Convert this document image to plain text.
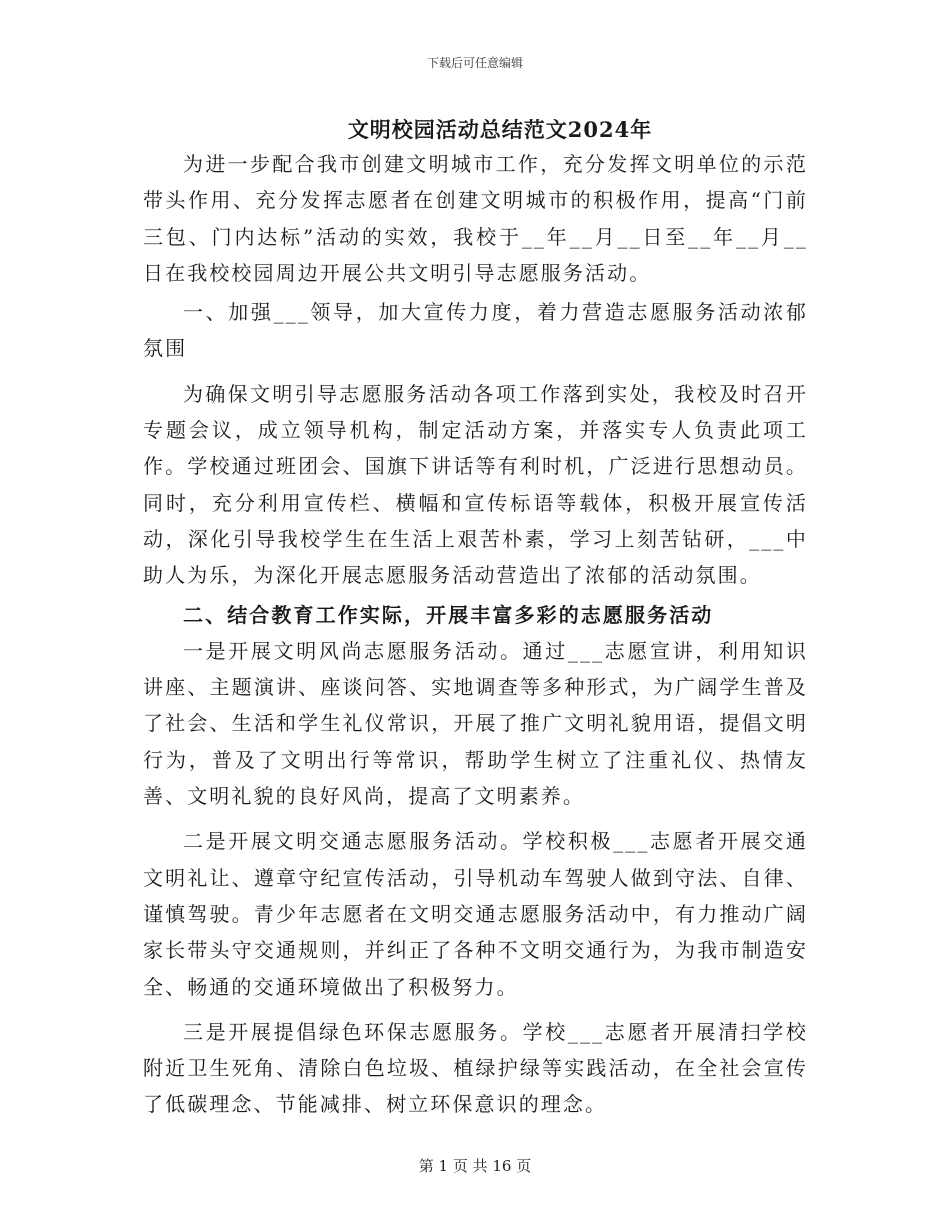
下载后可任意编辑
文明校园活动总结范文2024年

为进一步配合我市创建文明城市工作，充分发挥文明单位的示范带头作用、充分发挥志愿者在创建文明城市的积极作用，提高“门前三包、门内达标”活动的实效，我校于__年__月__日至__年__月__日在我校校园周边开展公共文明引导志愿服务活动。

一、加强___领导，加大宣传力度，着力营造志愿服务活动浓郁氛围

为确保文明引导志愿服务活动各项工作落到实处，我校及时召开专题会议，成立领导机构，制定活动方案，并落实专人负责此项工作。学校通过班团会、国旗下讲话等有利时机，广泛进行思想动员。同时，充分利用宣传栏、横幅和宣传标语等载体，积极开展宣传活动，深化引导我校学生在生活上艰苦朴素，学习上刻苦钻研，___中助人为乐，为深化开展志愿服务活动营造出了浓郁的活动氛围。

二、结合教育工作实际，开展丰富多彩的志愿服务活动

一是开展文明风尚志愿服务活动。通过___志愿宣讲，利用知识讲座、主题演讲、座谈问答、实地调查等多种形式，为广阔学生普及了社会、生活和学生礼仪常识，开展了推广文明礼貌用语，提倡文明行为，普及了文明出行等常识，帮助学生树立了注重礼仪、热情友善、文明礼貌的良好风尚，提高了文明素养。

二是开展文明交通志愿服务活动。学校积极___志愿者开展交通文明礼让、遵章守纪宣传活动，引导机动车驾驶人做到守法、自律、谨慎驾驶。青少年志愿者在文明交通志愿服务活动中，有力推动广阔家长带头守交通规则，并纠正了各种不文明交通行为，为我市制造安全、畅通的交通环境做出了积极努力。

三是开展提倡绿色环保志愿服务。学校___志愿者开展清扫学校附近卫生死角、清除白色垃圾、植绿护绿等实践活动，在全社会宣传了低碳理念、节能减排、树立环保意识的理念。

第 1 页 共 16 页
